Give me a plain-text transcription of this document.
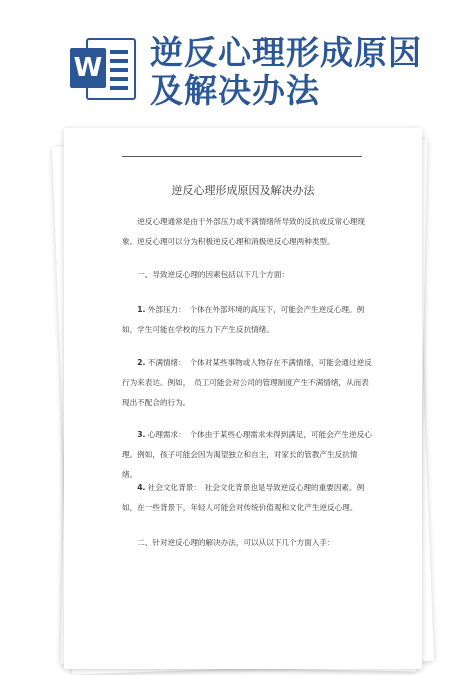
W 逆反心理形成原因及解决办法
逆反心理形成原因及解决办法
逆反心理通常是由于外部压力或不满情绪所导致的反抗或反常心理现象。逆反心理可以分为积极逆反心理和消极逆反心理两种类型。
一、导致逆反心理的因素包括以下几个方面：
1. 外部压力：　个体在外部环境的高压下，可能会产生逆反心理。例如，学生可能在学校的压力下产生反抗情绪。
2. 不满情绪：　个体对某些事物或人物存在不满情绪，可能会通过逆反行为来表达。例如，　员工可能会对公司的管理制度产生不满情绪，从而表现出不配合的行为。
3. 心理需求：　个体由于某些心理需求未得到满足，可能会产生逆反心理。例如，孩子可能会因为渴望独立和自主，对家长的管教产生反抗情绪。
4. 社会文化背景：　社会文化背景也是导致逆反心理的重要因素。例如，在一些背景下，年轻人可能会对传统价值观和文化产生逆反心理。
二、针对逆反心理的解决办法，可以从以下几个方面入手：
